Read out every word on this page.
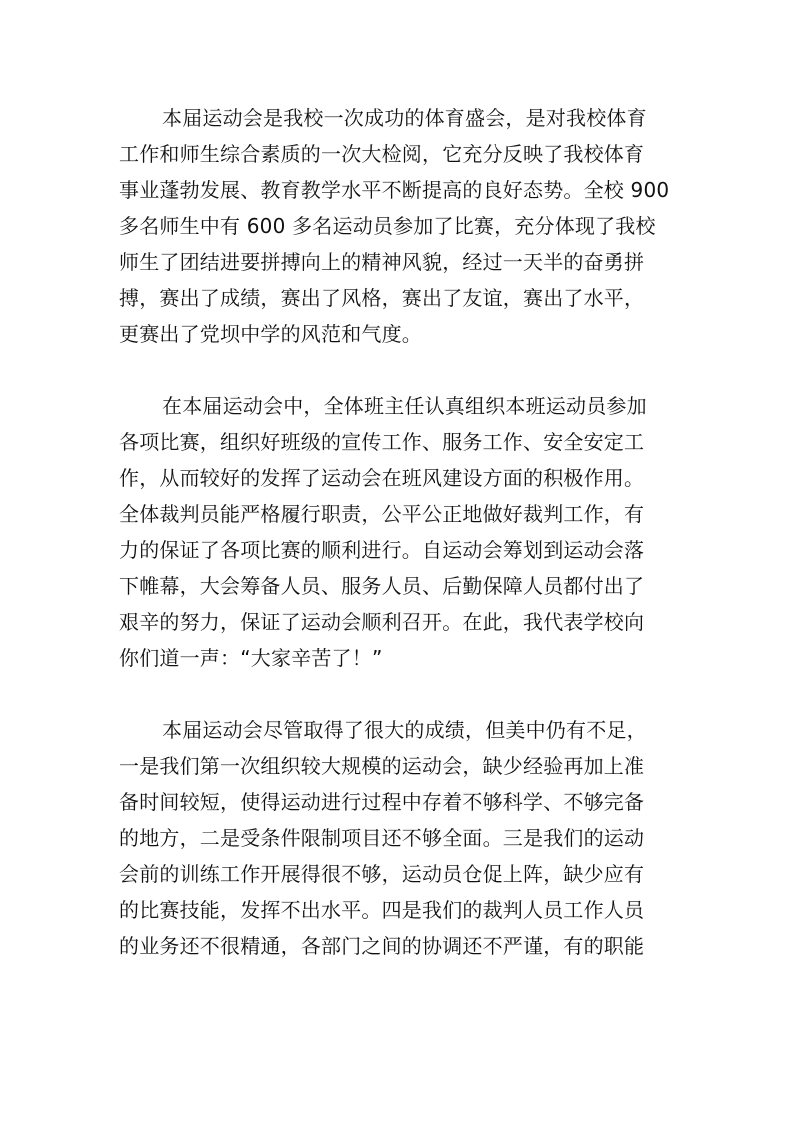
本届运动会是我校一次成功的体育盛会，是对我校体育
工作和师生综合素质的一次大检阅，它充分反映了我校体育
事业蓬勃发展、教育教学水平不断提高的良好态势。全校 900
多名师生中有 600 多名运动员参加了比赛，充分体现了我校
师生了团结进要拼搏向上的精神风貌，经过一天半的奋勇拼
搏，赛出了成绩，赛出了风格，赛出了友谊，赛出了水平，
更赛出了党坝中学的风范和气度。
在本届运动会中，全体班主任认真组织本班运动员参加
各项比赛，组织好班级的宣传工作、服务工作、安全安定工
作，从而较好的发挥了运动会在班风建设方面的积极作用。
全体裁判员能严格履行职责，公平公正地做好裁判工作，有
力的保证了各项比赛的顺利进行。自运动会筹划到运动会落
下帷幕，大会筹备人员、服务人员、后勤保障人员都付出了
艰辛的努力，保证了运动会顺利召开。在此，我代表学校向
你们道一声：“大家辛苦了！”
本届运动会尽管取得了很大的成绩，但美中仍有不足，
一是我们第一次组织较大规模的运动会，缺少经验再加上准
备时间较短，使得运动进行过程中存着不够科学、不够完备
的地方，二是受条件限制项目还不够全面。三是我们的运动
会前的训练工作开展得很不够，运动员仓促上阵，缺少应有
的比赛技能，发挥不出水平。四是我们的裁判人员工作人员
的业务还不很精通，各部门之间的协调还不严谨，有的职能
